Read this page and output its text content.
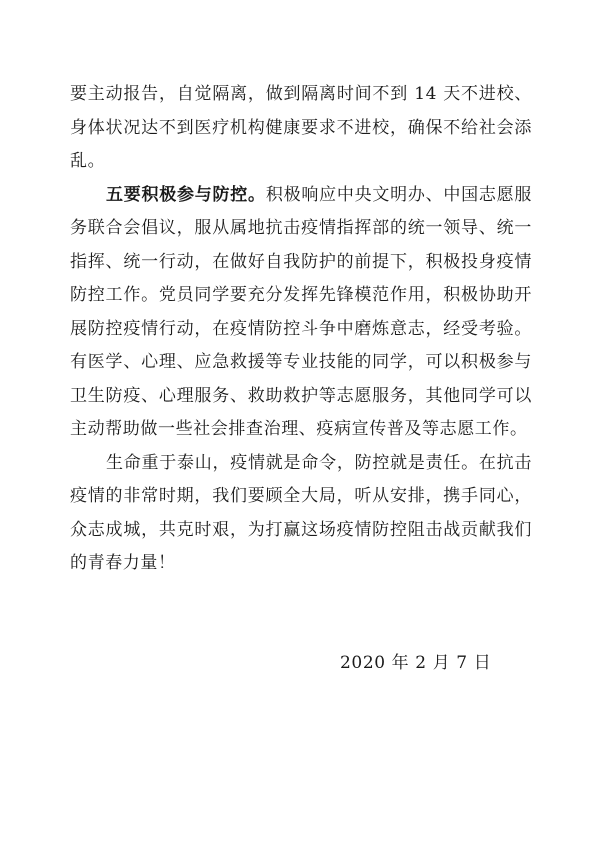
要主动报告，自觉隔离，做到隔离时间不到 14 天不进校、身体状况达不到医疗机构健康要求不进校，确保不给社会添乱。

五要积极参与防控。积极响应中央文明办、中国志愿服务联合会倡议，服从属地抗击疫情指挥部的统一领导、统一指挥、统一行动，在做好自我防护的前提下，积极投身疫情防控工作。党员同学要充分发挥先锋模范作用，积极协助开展防控疫情行动，在疫情防控斗争中磨炼意志，经受考验。有医学、心理、应急救援等专业技能的同学，可以积极参与卫生防疫、心理服务、救助救护等志愿服务，其他同学可以主动帮助做一些社会排查治理、疫病宣传普及等志愿工作。

生命重于泰山，疫情就是命令，防控就是责任。在抗击疫情的非常时期，我们要顾全大局，听从安排，携手同心，众志成城，共克时艰，为打赢这场疫情防控阻击战贡献我们的青春力量！

2020 年 2 月 7 日
